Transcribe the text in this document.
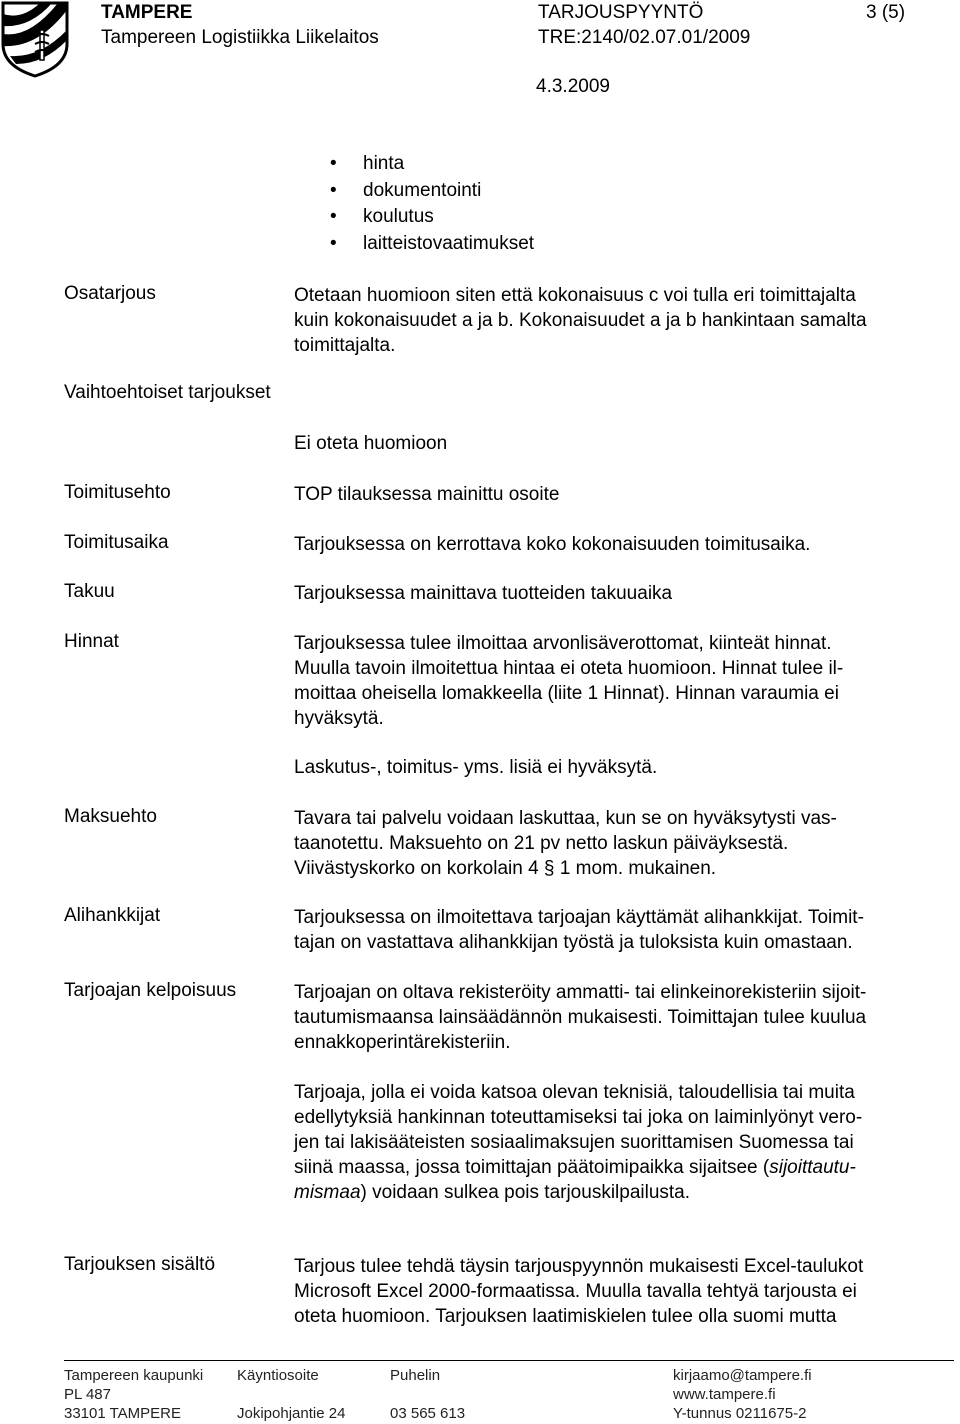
TAMPERE
Tampereen Logistiikka Liikelaitos
TARJOUSPYYNTÖ	3 (5)
TRE:2140/02.07.01/2009
4.3.2009
• hinta
• dokumentointi
• koulutus
• laitteistovaatimukset
Osatarjous	Otetaan huomioon siten että kokonaisuus c voi tulla eri toimittajalta
kuin kokonaisuudet a ja b. Kokonaisuudet a ja b hankintaan samalta
toimittajalta.
Vaihtoehtoiset tarjoukset
Ei oteta huomioon
Toimitusehto	TOP tilauksessa mainittu osoite
Toimitusaika	Tarjouksessa on kerrottava koko kokonaisuuden toimitusaika.
Takuu	Tarjouksessa mainittava tuotteiden takuuaika
Hinnat	Tarjouksessa tulee ilmoittaa arvonlisäverottomat, kiinteät hinnat.
Muulla tavoin ilmoitettua hintaa ei oteta huomioon. Hinnat tulee il-
moittaa oheisella lomakkeella (liite 1 Hinnat). Hinnan varaumia ei
hyväksytä.
Laskutus-, toimitus- yms. lisiä ei hyväksytä.
Maksuehto	Tavara tai palvelu voidaan laskuttaa, kun se on hyväksytysti vas-
taanotettu. Maksuehto on 21 pv netto laskun päiväyksestä.
Viivästyskorko on korkolain 4 § 1 mom. mukainen.
Alihankkijat	Tarjouksessa on ilmoitettava tarjoajan käyttämät alihankkijat. Toimit-
tajan on vastattava alihankkijan työstä ja tuloksista kuin omastaan.
Tarjoajan kelpoisuus	Tarjoajan on oltava rekisteröity ammatti- tai elinkeinorekisteriin sijoit-
tautumismaansa lainsäädännön mukaisesti. Toimittajan tulee kuulua
ennakkoperintärekisteriin.
Tarjoaja, jolla ei voida katsoa olevan teknisiä, taloudellisia tai muita
edellytyksiä hankinnan toteuttamiseksi tai joka on laiminlyönyt vero-
jen tai lakisääteisten sosiaalimaksujen suorittamisen Suomessa tai
siinä maassa, jossa toimittajan päätoimipaikka sijaitsee (sijoittautu-
mismaa) voidaan sulkea pois tarjouskilpailusta.
Tarjouksen sisältö	Tarjous tulee tehdä täysin tarjouspyynnön mukaisesti Excel-taulukot
Microsoft Excel 2000-formaatissa. Muulla tavalla tehtyä tarjousta ei
oteta huomioon. Tarjouksen laatimiskielen tulee olla suomi mutta
Tampereen kaupunki
PL 487
33101 TAMPERE
Käyntiosoite
Jokipohjantie 24
Puhelin
03 565 613
kirjaamo@tampere.fi
www.tampere.fi
Y-tunnus 0211675-2
